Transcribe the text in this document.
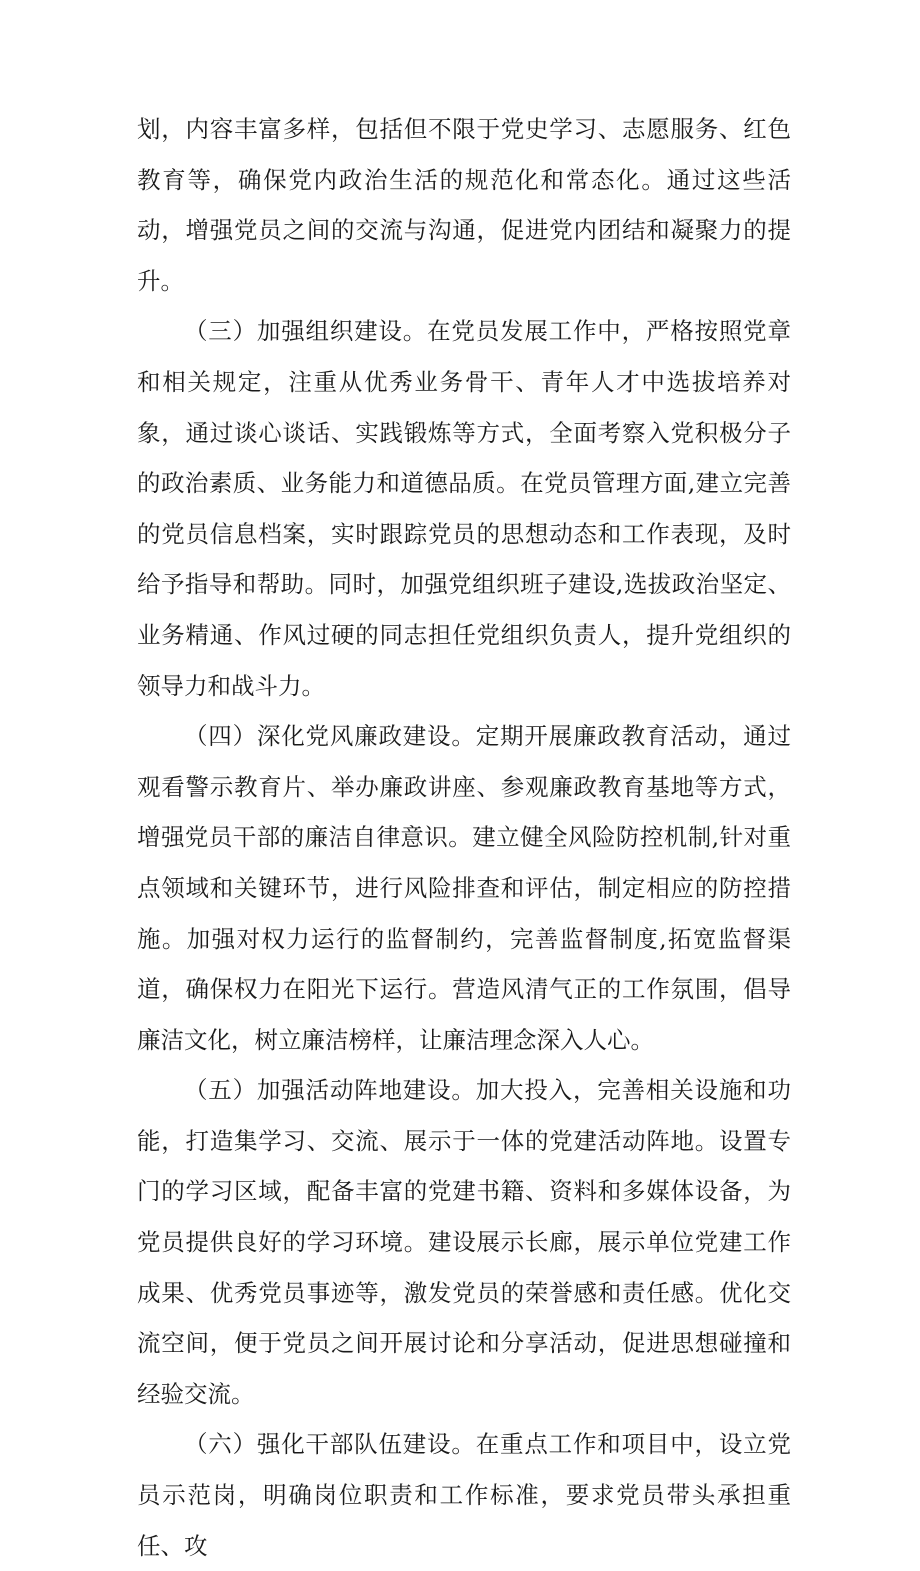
划，内容丰富多样，包括但不限于党史学习、志愿服务、红色教育等，确保党内政治生活的规范化和常态化。通过这些活动，增强党员之间的交流与沟通，促进党内团结和凝聚力的提升。

（三）加强组织建设。在党员发展工作中，严格按照党章和相关规定，注重从优秀业务骨干、青年人才中选拔培养对象，通过谈心谈话、实践锻炼等方式，全面考察入党积极分子的政治素质、业务能力和道德品质。在党员管理方面,建立完善的党员信息档案，实时跟踪党员的思想动态和工作表现，及时给予指导和帮助。同时，加强党组织班子建设,选拔政治坚定、业务精通、作风过硬的同志担任党组织负责人，提升党组织的领导力和战斗力。

（四）深化党风廉政建设。定期开展廉政教育活动，通过观看警示教育片、举办廉政讲座、参观廉政教育基地等方式，增强党员干部的廉洁自律意识。建立健全风险防控机制,针对重点领域和关键环节，进行风险排查和评估，制定相应的防控措施。加强对权力运行的监督制约，完善监督制度,拓宽监督渠道，确保权力在阳光下运行。营造风清气正的工作氛围，倡导廉洁文化，树立廉洁榜样，让廉洁理念深入人心。

（五）加强活动阵地建设。加大投入，完善相关设施和功能，打造集学习、交流、展示于一体的党建活动阵地。设置专门的学习区域，配备丰富的党建书籍、资料和多媒体设备，为党员提供良好的学习环境。建设展示长廊，展示单位党建工作成果、优秀党员事迹等，激发党员的荣誉感和责任感。优化交流空间，便于党员之间开展讨论和分享活动，促进思想碰撞和经验交流。

（六）强化干部队伍建设。在重点工作和项目中，设立党员示范岗，明确岗位职责和工作标准，要求党员带头承担重任、攻
